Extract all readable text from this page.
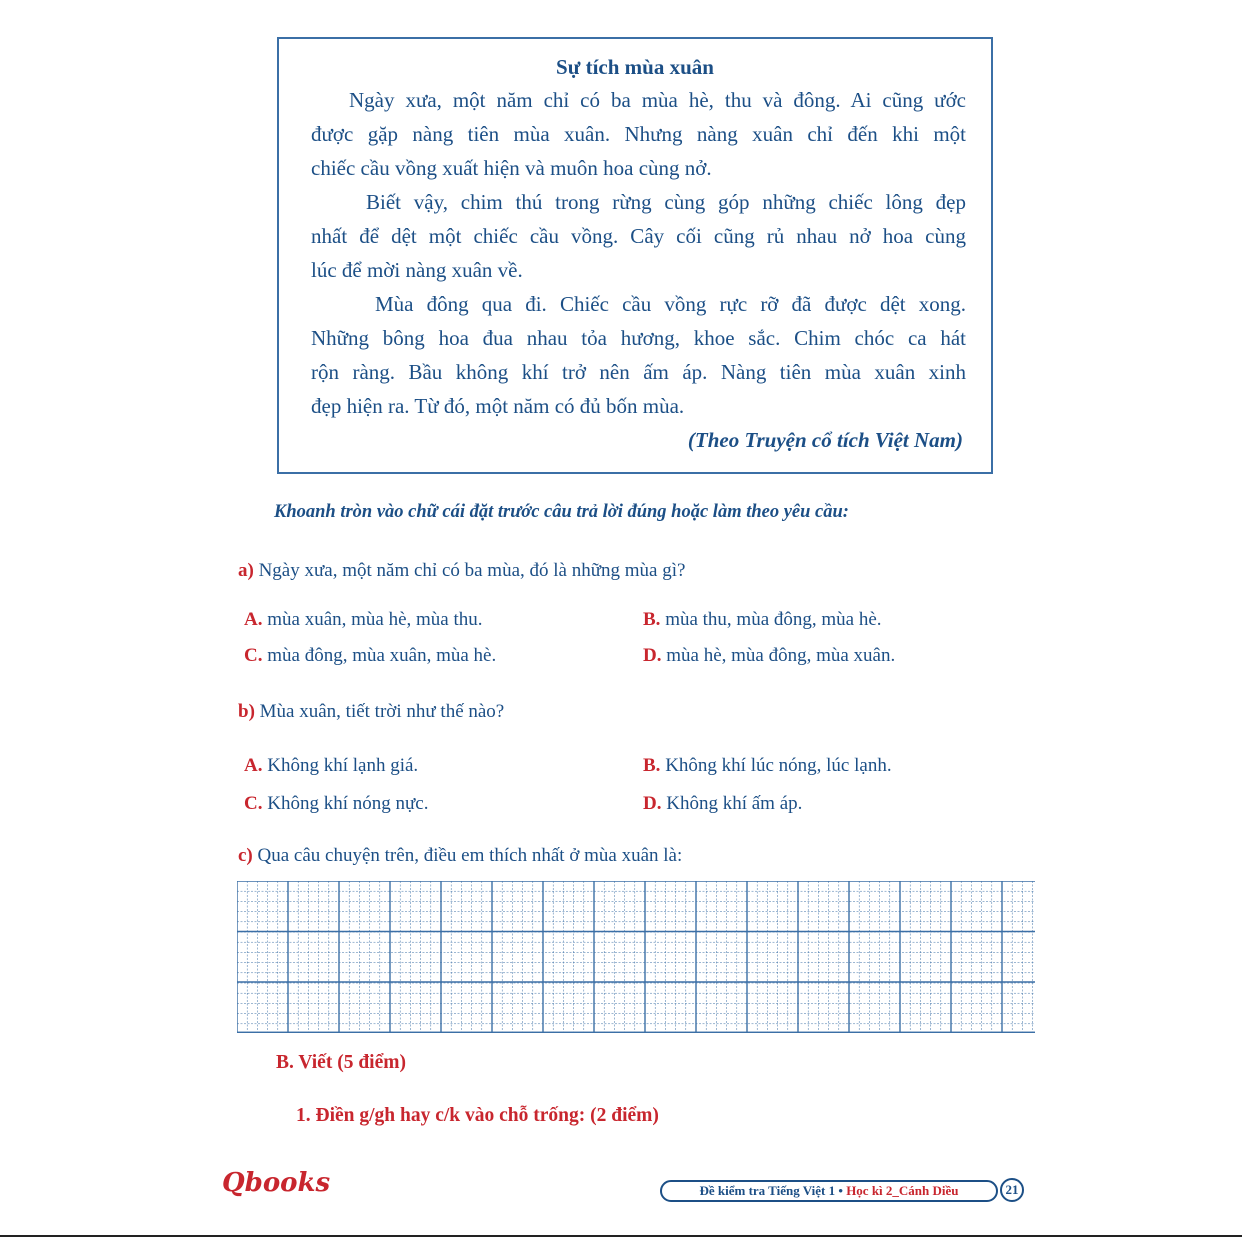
Sự tích mùa xuân
Ngày xưa, một năm chỉ có ba mùa hè, thu và đông. Ai cũng ước
được gặp nàng tiên mùa xuân. Nhưng nàng xuân chỉ đến khi một
chiếc cầu vồng xuất hiện và muôn hoa cùng nở.
Biết vậy, chim thú trong rừng cùng góp những chiếc lông đẹp
nhất để dệt một chiếc cầu vồng. Cây cối cũng rủ nhau nở hoa cùng
lúc để mời nàng xuân về.
Mùa đông qua đi. Chiếc cầu vồng rực rỡ đã được dệt xong.
Những bông hoa đua nhau tỏa hương, khoe sắc. Chim chóc ca hát
rộn ràng. Bầu không khí trở nên ấm áp. Nàng tiên mùa xuân xinh
đẹp hiện ra. Từ đó, một năm có đủ bốn mùa.
(Theo Truyện cổ tích Việt Nam)
Khoanh tròn vào chữ cái đặt trước câu trả lời đúng hoặc làm theo yêu cầu:
a) Ngày xưa, một năm chỉ có ba mùa, đó là những mùa gì?
A. mùa xuân, mùa hè, mùa thu.	B. mùa thu, mùa đông, mùa hè.
C. mùa đông, mùa xuân, mùa hè.	D. mùa hè, mùa đông, mùa xuân.
b) Mùa xuân, tiết trời như thế nào?
A. Không khí lạnh giá.	B. Không khí lúc nóng, lúc lạnh.
C. Không khí nóng nực.	D. Không khí ấm áp.
c) Qua câu chuyện trên, điều em thích nhất ở mùa xuân là:
B. Viết (5 điểm)
1. Điền g/gh hay c/k vào chỗ trống: (2 điểm)
Qbooks	Đề kiểm tra Tiếng Việt 1 • Học kì 2_Cánh Diều	21
